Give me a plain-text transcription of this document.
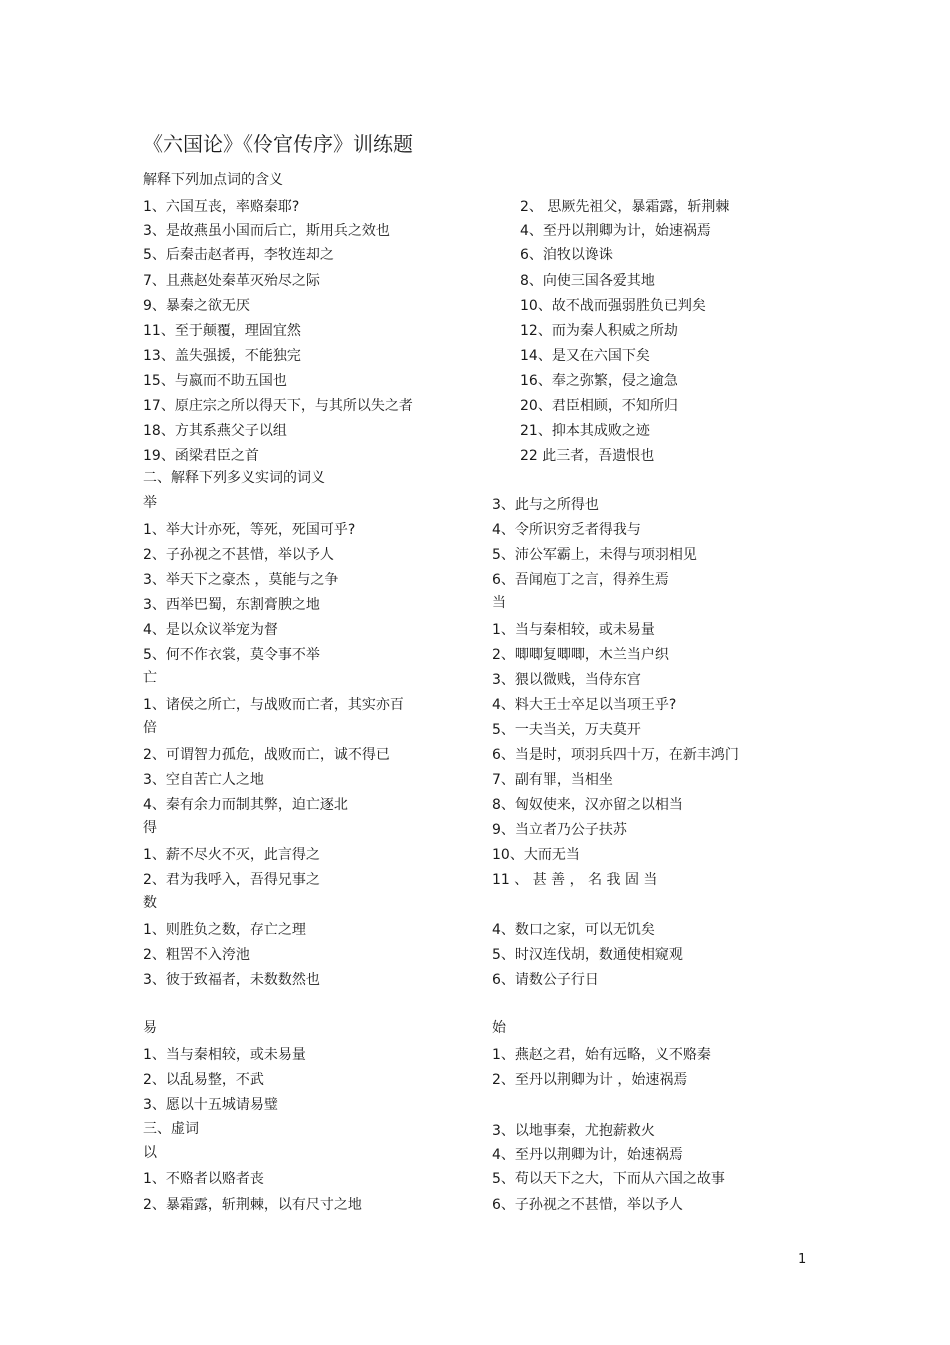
《六国论》《伶官传序》训练题
解释下列加点词的含义
1、六国互丧，率赂秦耶?
3、是故燕虽小国而后亡，斯用兵之效也
5、后秦击赵者再，李牧连却之
7、且燕赵处秦革灭殆尽之际
9、暴秦之欲无厌
11、至于颠覆，理固宜然
13、盖失强援，不能独完
15、与嬴而不助五国也
17、原庄宗之所以得天下，与其所以失之者
18、方其系燕父子以组
19、函梁君臣之首
2、 思厥先祖父，暴霜露，斩荆棘
4、至丹以荆卿为计，始速祸焉
6、洎牧以谗诛
8、向使三国各爱其地
10、故不战而强弱胜负已判矣
12、而为秦人积威之所劫
14、是又在六国下矣
16、奉之弥繁，侵之逾急
20、君臣相顾，不知所归
21、抑本其成败之迹
22 此三者，吾遗恨也
二、解释下列多义实词的词义
举
1、举大计亦死，等死，死国可乎?
2、子孙视之不甚惜，举以予人
3、举天下之豪杰 ，莫能与之争
3、西举巴蜀，东割膏腴之地
4、是以众议举宠为督
5、何不作衣裳，莫令事不举
亡
1、诸侯之所亡，与战败而亡者，其实亦百
倍
2、可谓智力孤危，战败而亡，诚不得已
3、空自苦亡人之地
4、秦有余力而制其弊，迫亡逐北
得
1、薪不尽火不灭，此言得之
2、君为我呼入，吾得兄事之
数
1、则胜负之数，存亡之理
2、粗罟不入洿池
3、彼于致福者，未数数然也
3、此与之所得也
4、令所识穷乏者得我与
5、沛公军霸上，未得与项羽相见
6、吾闻庖丁之言，得养生焉
当
1、当与秦相较，或未易量
2、唧唧复唧唧，木兰当户织
3、猥以微贱，当侍东宫
4、料大王士卒足以当项王乎?
5、一夫当关，万夫莫开
6、当是时，项羽兵四十万，在新丰鸿门
7、副有罪，当相坐
8、匈奴使来，汉亦留之以相当
9、当立者乃公子扶苏
10、大而无当
11 、 甚 善 ， 名 我 固 当
4、数口之家，可以无饥矣
5、时汉连伐胡，数通使相窥观
6、请数公子行日
易
1、当与秦相较，或未易量
2、以乱易整，不武
3、愿以十五城请易璧
三、虚词
以
1、不赂者以赂者丧
2、暴霜露，斩荆棘，以有尺寸之地
始
1、燕赵之君，始有远略，义不赂秦
2、至丹以荆卿为计 ，始速祸焉
3、以地事秦，尤抱薪救火
4、至丹以荆卿为计，始速祸焉
5、苟以天下之大，下而从六国之故事
6、子孙视之不甚惜，举以予人
1
